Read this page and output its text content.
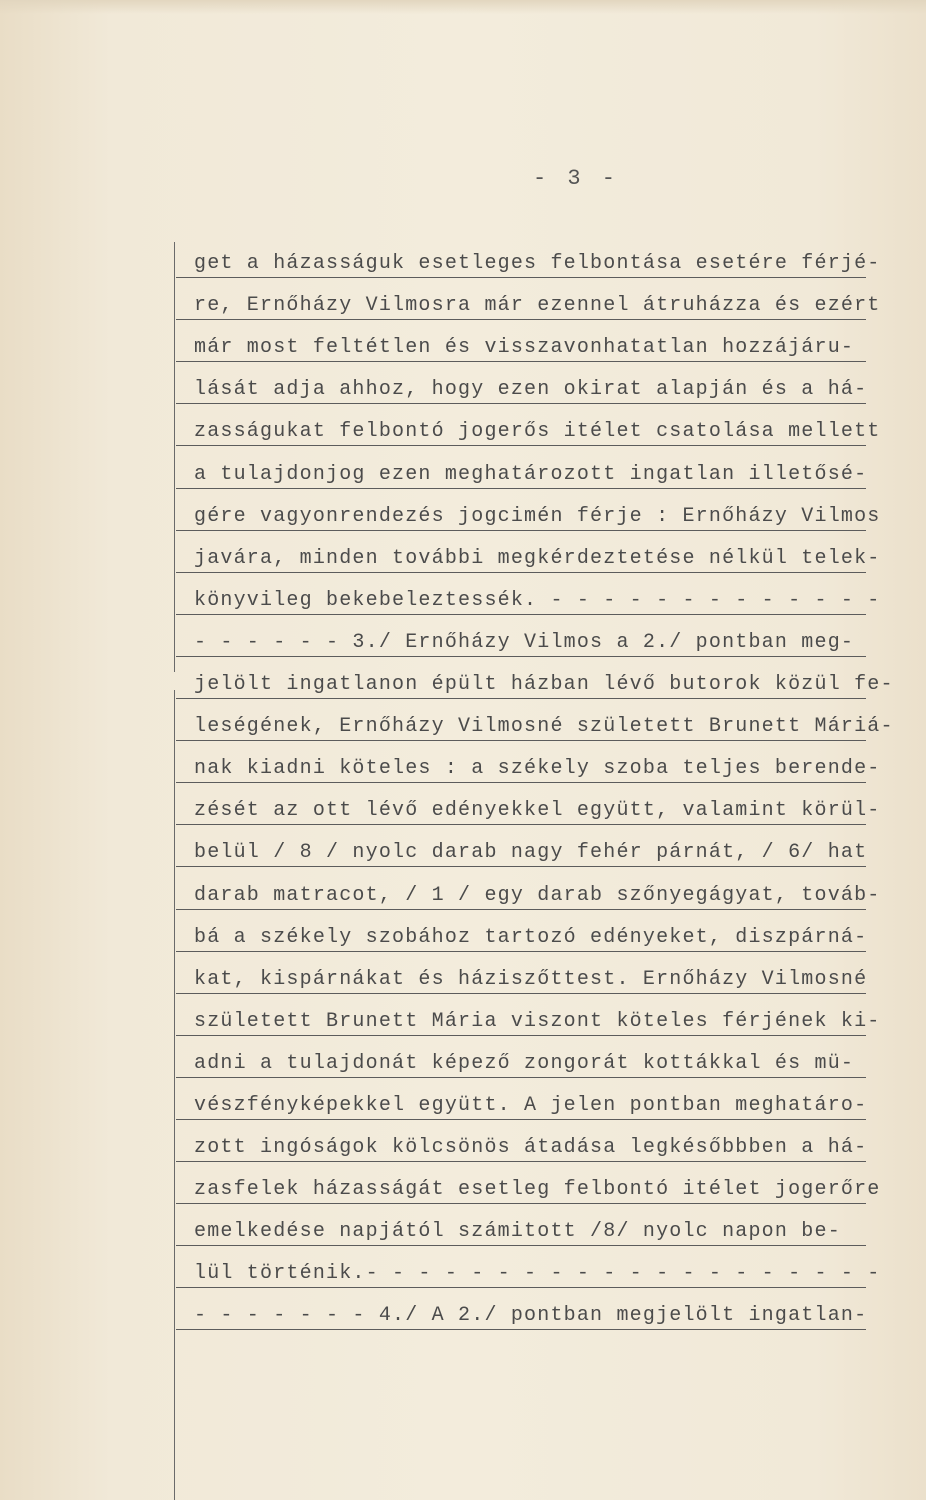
- 3 -
get a házasságuk esetleges felbontása esetére férjé-
re, Ernőházy Vilmosra már ezennel átruházza és ezért
már most feltétlen és visszavonhatatlan hozzájáru-
lását adja ahhoz, hogy ezen okirat alapján és a há-
zasságukat felbontó jogerős itélet csatolása mellett
a tulajdonjog ezen meghatározott ingatlan illetősé-
gére vagyonrendezés jogcimén férje : Ernőházy Vilmos
javára, minden további megkérdeztetése nélkül telek-
könyvileg bekebeleztessék. - - - - - - - - - - - - -
- - - - - - 3./ Ernőházy Vilmos a 2./ pontban meg-
jelölt ingatlanon épült házban lévő butorok közül fe-
leségének, Ernőházy Vilmosné született Brunett Máriá-
nak kiadni köteles : a székely szoba teljes berende-
zését az ott lévő edényekkel együtt, valamint körül-
belül / 8 / nyolc darab nagy fehér párnát, / 6/ hat
darab matracot, / 1 / egy darab szőnyegágyat, továb-
bá a székely szobához tartozó edényeket, diszpárná-
kat, kispárnákat és háziszőttest. Ernőházy Vilmosné
született Brunett Mária viszont köteles férjének ki-
adni a tulajdonát képező zongorát kottákkal és mü-
vészfényképekkel együtt. A jelen pontban meghatáro-
zott ingóságok kölcsönös átadása legkésőbbben a há-
zasfelek házasságát esetleg felbontó itélet jogerőre
emelkedése napjától számitott /8/ nyolc napon be-
lül történik.- - - - - - - - - - - - - - - - - - - -
- - - - - - - 4./ A 2./ pontban megjelölt ingatlan-
